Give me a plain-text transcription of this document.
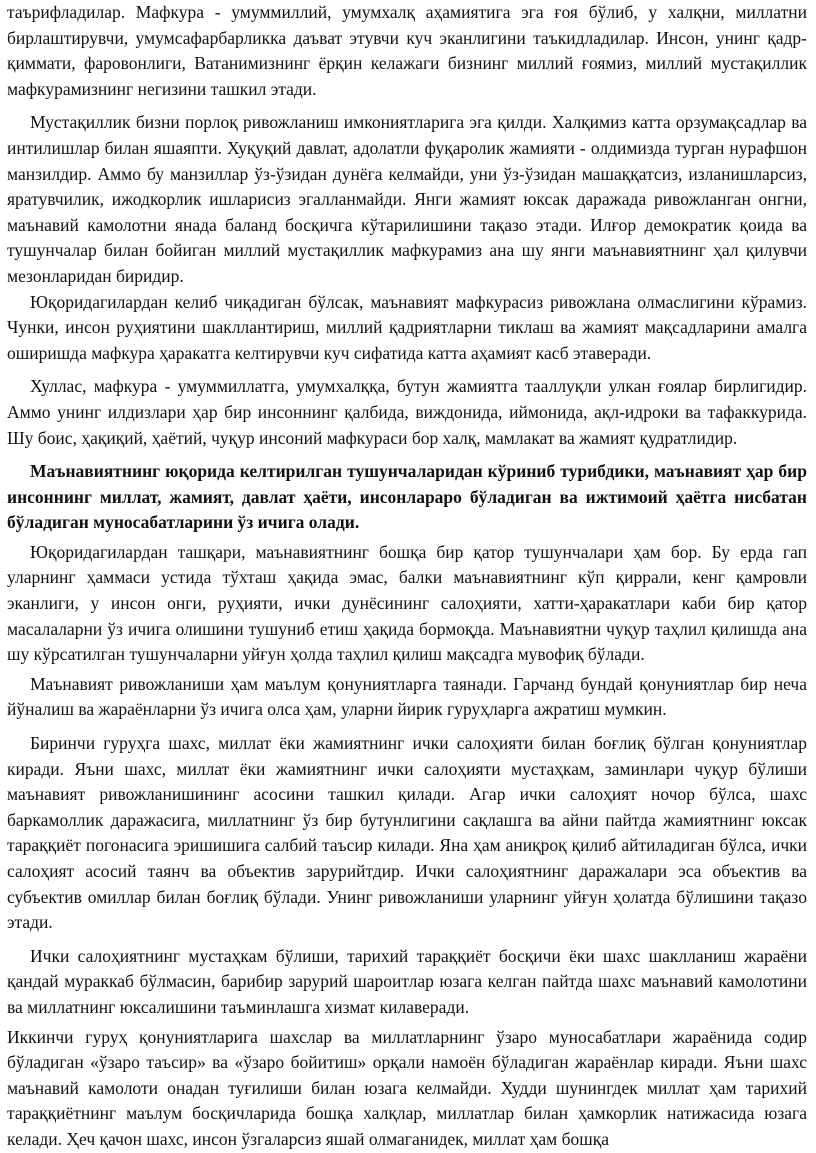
таърифладилар. Мафкура - умуммиллий, умумхалқ аҳамиятига эга ғоя бўлиб, у халқни, миллатни бирлаштирувчи, умумсафарбарликка даъват этувчи куч эканлигини таъкидладилар. Инсон, унинг қадр-қиммати, фаровонлиги, Ватанимизнинг ёрқин келажаги бизнинг миллий ғоямиз, миллий мустақиллик мафкурамизнинг негизини ташкил этади.

Мустақиллик бизни порлоқ ривожланиш имкониятларига эга қилди. Халқимиз катта орзумақсадлар ва интилишлар билан яшаяпти. Хуқуқий давлат, адолатли фуқаролик жамияти - олдимизда турган нурафшон манзилдир. Аммо бу манзиллар ўз-ўзидан дунёга келмайди, уни ўз-ўзидан машаққатсиз, изланишларсиз, яратувчилик, ижодкорлик ишларисиз эгалланмайди. Янги жамият юксак даражада ривожланган онгни, маънавий камолотни янада баланд босқичга кўтарилишини тақазо этади. Илғор демократик қоида ва тушунчалар билан бойиган миллий мустақиллик мафкурамиз ана шу янги маънавиятнинг ҳал қилувчи мезонларидан биридир.

Юқоридагилардан келиб чиқадиган бўлсак, маънавият мафкурасиз ривожлана олмаслигини кўрамиз. Чунки, инсон руҳиятини шакллантириш, миллий қадриятларни тиклаш ва жамият мақсадларини амалга оширишда мафкура ҳаракатга келтирувчи куч сифатида катта аҳамият касб этаверади.

Хуллас, мафкура - умуммиллатга, умумхалққа, бутун жамиятга тааллуқли улкан ғоялар бирлигидир. Аммо унинг илдизлари ҳар бир инсоннинг қалбида, виждонида, иймонида, ақл-идроки ва тафаккурида. Шу боис, ҳақиқий, ҳаётий, чуқур инсоний мафкураси бор халқ, мамлакат ва жамият қудратлидир.

Маънавиятнинг юқорида келтирилган тушунчаларидан кўриниб турибдики, маънавият ҳар бир инсоннинг миллат, жамият, давлат ҳаёти, инсонлараро бўладиган ва ижтимоий ҳаётга нисбатан бўладиган муносабатларини ўз ичига олади.

Юқоридагилардан ташқари, маънавиятнинг бошқа бир қатор тушунчалари ҳам бор. Бу ерда гап уларнинг ҳаммаси устида тўхташ ҳақида эмас, балки маънавиятнинг кўп қиррали, кенг қамровли эканлиги, у инсон онги, руҳияти, ички дунёсининг салоҳияти, хатти-ҳаракатлари каби бир қатор масалаларни ўз ичига олишини тушуниб етиш ҳақида бормоқда. Маънавиятни чуқур таҳлил қилишда ана шу кўрсатилган тушунчаларни уйғун ҳолда таҳлил қилиш мақсадга мувофиқ бўлади.

Маънавият ривожланиши ҳам маълум қонуниятларга таянади. Гарчанд бундай қонуниятлар бир неча йўналиш ва жараёнларни ўз ичига олса ҳам, уларни йирик гуруҳларга ажратиш мумкин.

Биринчи гуруҳга шахс, миллат ёки жамиятнинг ички салоҳияти билан боғлиқ бўлган қонуниятлар киради. Яъни шахс, миллат ёки жамиятнинг ички салоҳияти мустаҳкам, заминлари чуқур бўлиши маънавият ривожланишининг асосини ташкил қилади. Агар ички салоҳият ночор бўлса, шахс баркамоллик даражасига, миллатнинг ўз бир бутунлигини сақлашга ва айни пайтда жамиятнинг юксак тараққиёт погонасига эришишига салбий таъсир килади. Яна ҳам аниқроқ қилиб айтиладиган бўлса, ички салоҳият асосий таянч ва объектив зарурийтдир. Ички салоҳиятнинг даражалари эса объектив ва субъектив омиллар билан боғлиқ бўлади. Унинг ривожланиши уларнинг уйғун ҳолатда бўлишини тақазо этади.

Ички салоҳиятнинг мустаҳкам бўлиши, тарихий тараққиёт босқичи ёки шахс шаклланиш жараёни қандай мураккаб бўлмасин, барибир зарурий шароитлар юзага келган пайтда шахс маънавий камолотини ва миллатнинг юксалишини таъминлашга хизмат килаверади.

Иккинчи гуруҳ қонуниятларига шахслар ва миллатларнинг ўзаро муносабатлари жараёнида содир бўладиган «ўзаро таъсир» ва «ўзаро бойитиш» орқали намоён бўладиган жараёнлар киради. Яъни шахс маънавий камолоти онадан туғилиши билан юзага келмайди. Худди шунингдек миллат ҳам тарихий тараққиётнинг маълум босқичларида бошқа халқлар, миллатлар билан ҳамкорлик натижасида юзага келади. Ҳеч қачон шахс, инсон ўзгаларсиз яшай олмаганидек, миллат ҳам бошқа
